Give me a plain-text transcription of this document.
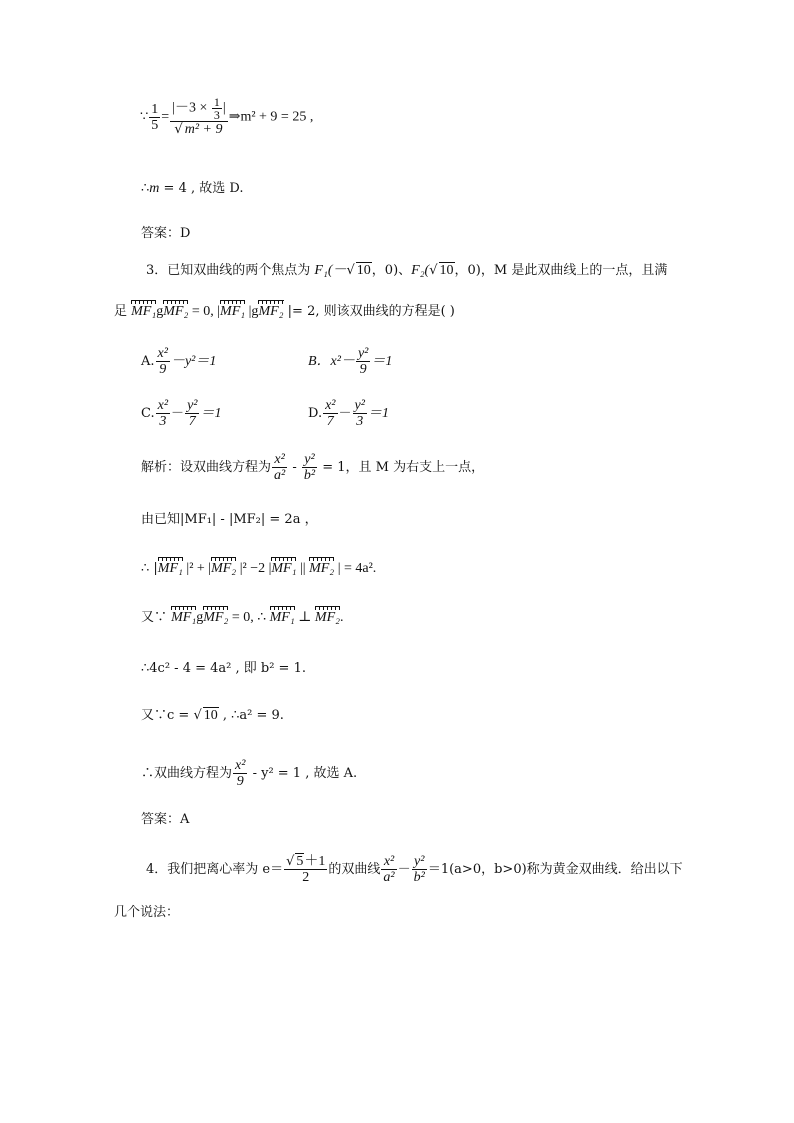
∵ $\frac{1}{5} = \frac{|-3 \times \frac{1}{3} |}{\text{√ m² + 9}}$ ⇒m² + 9 = 25 ,
∴m = 4 , 故选 D.
答案：D
3．已知双曲线的两个焦点为 F₁(－√ 10，0)、F₂(√ 10，0)，M 是此双曲线上的一点，且满
足 MF₁gMF₂ = 0, |MF₁ |gMF₂ |= 2, 则该双曲线的方程是( )
A. $\frac{\text{x²}}{9} -y^2=1$	B．$x^2- \frac{\text{y²}}{9} =1$
C. $\frac{\text{x²}}{3} - \frac{\text{y²}}{7} =1$	D. $\frac{\text{x²}}{7} - \frac{\text{y²}}{3} =1$
解析：设双曲线方程为 $\frac{\text{x²}}{\text{a²}} - \frac{\text{y²}}{\text{b²}} = 1$，且 M 为右支上一点，
由已知|MF₁| - |MF₂| = 2a ，
∴ |MF₁ |² + |MF₂ |² −2 |MF₁ || MF₂ | = 4a².
又∵ MF₁gMF₂ = 0, ∴ MF₁ ⊥ MF₂.
∴4c² - 4 = 4a² , 即 b² = 1.
又∵c = √ 10 , ∴a² = 9.
∴双曲线方程为 $\frac{\text{x²}}{9} - y^2 = 1$ , 故选 A.
答案：A
4．我们把离心率为 $e= \frac{√ 5+1}{2}$ 的双曲线 $\frac{\text{x²}}{\text{a²}} - \frac{\text{y²}}{\text{b²}} =1(a>0$，b>0)称为黄金双曲线．给出以下
几个说法：
